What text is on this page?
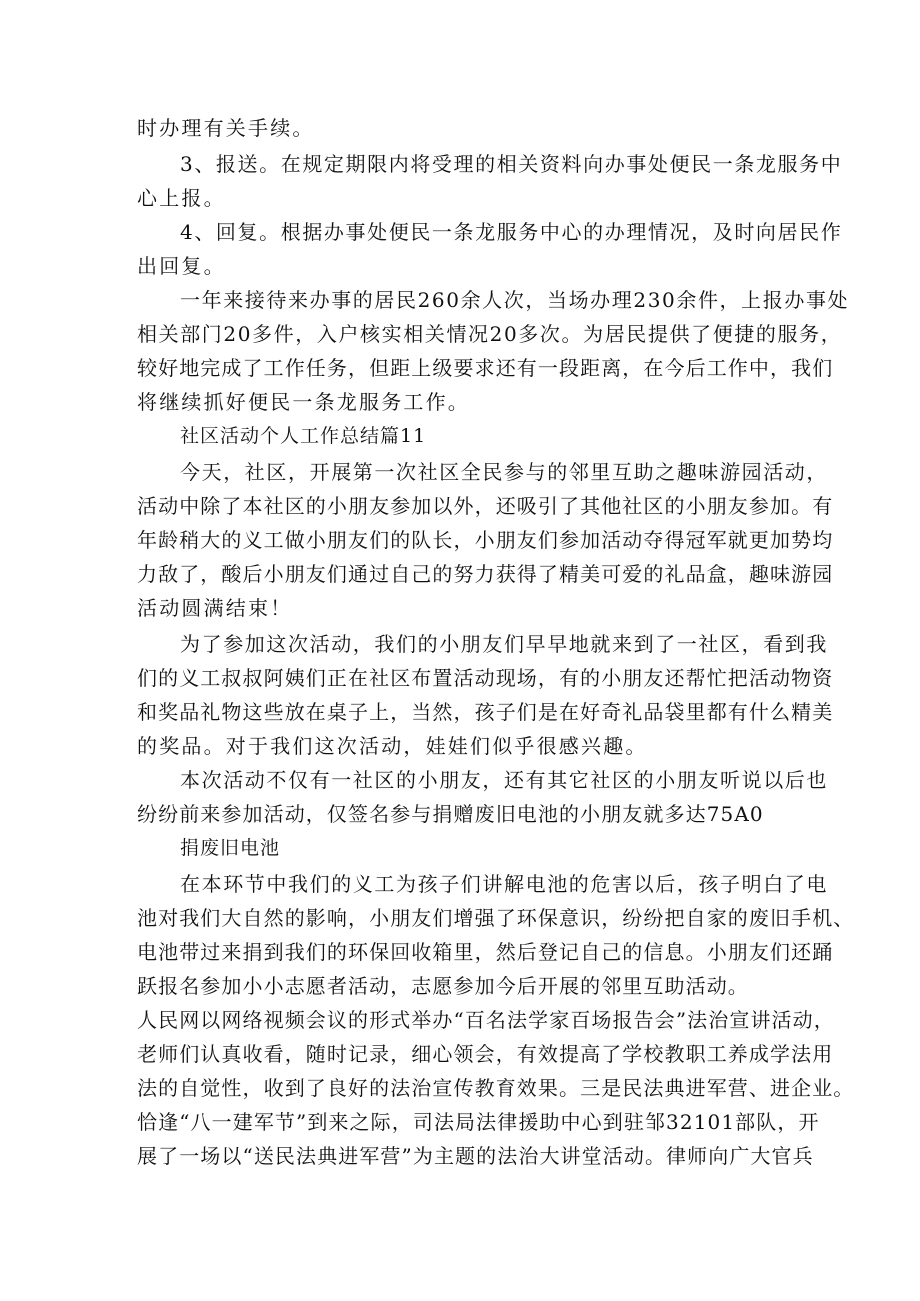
时办理有关手续。
3、报送。在规定期限内将受理的相关资料向办事处便民一条龙服务中
心上报。
4、回复。根据办事处便民一条龙服务中心的办理情况，及时向居民作
出回复。
一年来接待来办事的居民260余人次，当场办理230余件，上报办事处
相关部门20多件，入户核实相关情况20多次。为居民提供了便捷的服务，
较好地完成了工作任务，但距上级要求还有一段距离，在今后工作中，我们
将继续抓好便民一条龙服务工作。
社区活动个人工作总结篇11
今天，社区，开展第一次社区全民参与的邻里互助之趣味游园活动，
活动中除了本社区的小朋友参加以外，还吸引了其他社区的小朋友参加。有
年龄稍大的义工做小朋友们的队长，小朋友们参加活动夺得冠军就更加势均
力敌了，酸后小朋友们通过自己的努力获得了精美可爱的礼品盒，趣味游园
活动圆满结束！
为了参加这次活动，我们的小朋友们早早地就来到了一社区，看到我
们的义工叔叔阿姨们正在社区布置活动现场，有的小朋友还帮忙把活动物资
和奖品礼物这些放在桌子上，当然，孩子们是在好奇礼品袋里都有什么精美
的奖品。对于我们这次活动，娃娃们似乎很感兴趣。
本次活动不仅有一社区的小朋友，还有其它社区的小朋友听说以后也
纷纷前来参加活动，仅签名参与捐赠废旧电池的小朋友就多达75A0
捐废旧电池
在本环节中我们的义工为孩子们讲解电池的危害以后，孩子明白了电
池对我们大自然的影响，小朋友们增强了环保意识，纷纷把自家的废旧手机、
电池带过来捐到我们的环保回收箱里，然后登记自己的信息。小朋友们还踊
跃报名参加小小志愿者活动，志愿参加今后开展的邻里互助活动。
人民网以网络视频会议的形式举办“百名法学家百场报告会”法治宣讲活动，
老师们认真收看，随时记录，细心领会，有效提高了学校教职工养成学法用
法的自觉性，收到了良好的法治宣传教育效果。三是民法典进军营、进企业。
恰逢“八一建军节”到来之际，司法局法律援助中心到驻邹32101部队，开
展了一场以“送民法典进军营”为主题的法治大讲堂活动。律师向广大官兵
